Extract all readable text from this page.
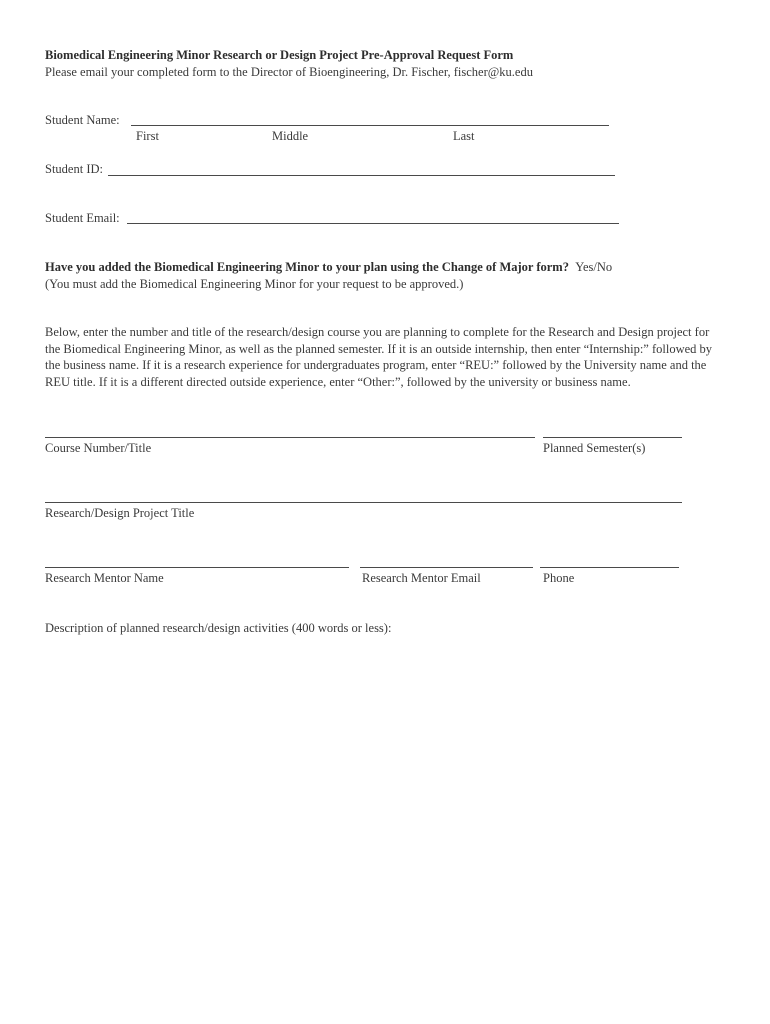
Biomedical Engineering Minor Research or Design Project Pre-Approval Request Form
Please email your completed form to the Director of Bioengineering, Dr. Fischer, fischer@ku.edu
Student Name:
First	Middle	Last
Student ID:
Student Email:
Have you added the Biomedical Engineering Minor to your plan using the Change of Major form? Yes/No
(You must add the Biomedical Engineering Minor for your request to be approved.)
Below, enter the number and title of the research/design course you are planning to complete for the Research and Design project for the Biomedical Engineering Minor, as well as the planned semester. If it is an outside internship, then enter “Internship:” followed by the business name. If it is a research experience for undergraduates program, enter “REU:” followed by the University name and the REU title. If it is a different directed outside experience, enter “Other:”, followed by the university or business name.
Course Number/Title	Planned Semester(s)
Research/Design Project Title
Research Mentor Name	Research Mentor Email	Phone
Description of planned research/design activities (400 words or less):
